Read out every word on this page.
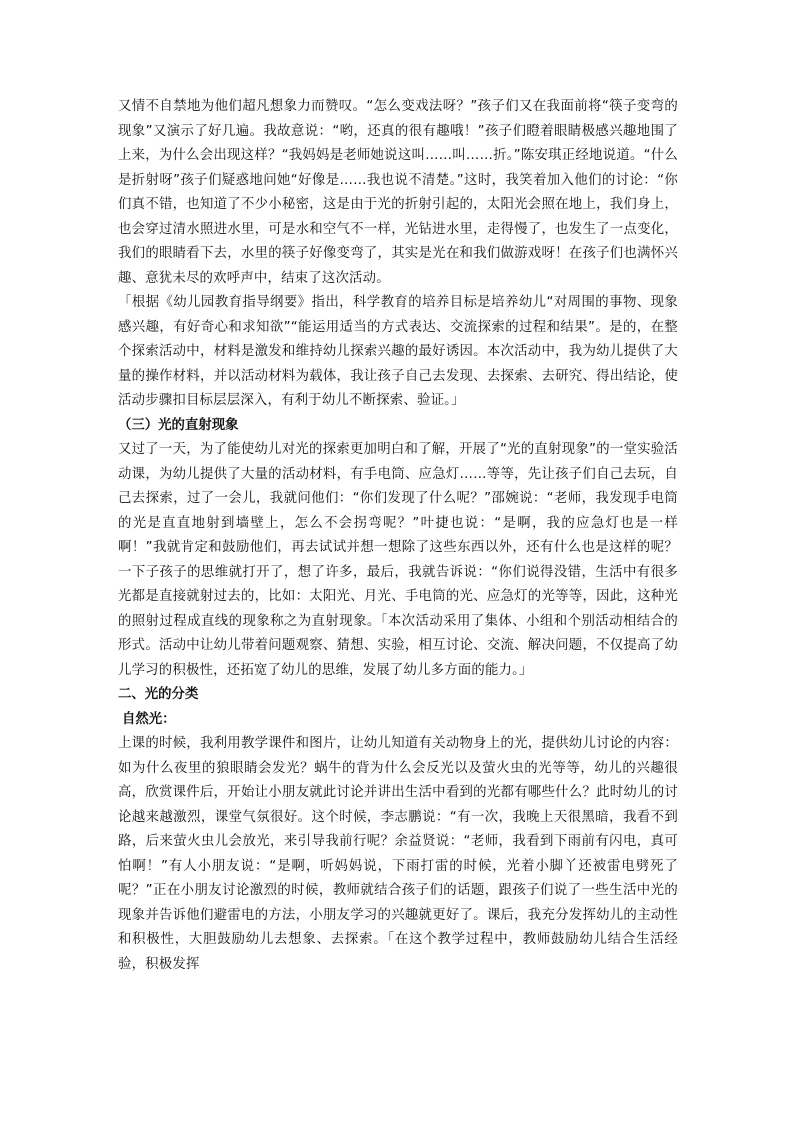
又情不自禁地为他们超凡想象力而赞叹。“怎么变戏法呀？”孩子们又在我面前将“筷子变弯的现象”又演示了好几遍。我故意说：“哟，还真的很有趣哦！”孩子们瞪着眼睛极感兴趣地围了上来，为什么会出现这样？“我妈妈是老师她说这叫……叫……折。”陈安琪正经地说道。“什么是折射呀”孩子们疑惑地问她“好像是……我也说不清楚。”这时，我笑着加入他们的讨论：“你们真不错，也知道了不少小秘密，这是由于光的折射引起的，太阳光会照在地上，我们身上，也会穿过清水照进水里，可是水和空气不一样，光钻进水里，走得慢了，也发生了一点变化，我们的眼睛看下去，水里的筷子好像变弯了，其实是光在和我们做游戏呀！在孩子们也满怀兴趣、意犹未尽的欢呼声中，结束了这次活动。

「根据《幼儿园教育指导纲要》指出，科学教育的培养目标是培养幼儿“对周围的事物、现象感兴趣，有好奇心和求知欲”“能运用适当的方式表达、交流探索的过程和结果”。是的，在整个探索活动中，材料是激发和维持幼儿探索兴趣的最好诱因。本次活动中，我为幼儿提供了大量的操作材料，并以活动材料为载体，我让孩子自己去发现、去探索、去研究、得出结论，使活动步骤扣目标层层深入，有利于幼儿不断探索、验证。」

（三）光的直射现象

又过了一天，为了能使幼儿对光的探索更加明白和了解，开展了“光的直射现象”的一堂实验活动课，为幼儿提供了大量的活动材料，有手电筒、应急灯……等等，先让孩子们自己去玩，自己去探索，过了一会儿，我就问他们：“你们发现了什么呢？”邵婉说：“老师，我发现手电筒的光是直直地射到墙壁上，怎么不会拐弯呢？”叶捷也说：“是啊，我的应急灯也是一样啊！”我就肯定和鼓励他们，再去试试并想一想除了这些东西以外，还有什么也是这样的呢？一下子孩子的思维就打开了，想了许多，最后，我就告诉说：“你们说得没错，生活中有很多光都是直接就射过去的，比如：太阳光、月光、手电筒的光、应急灯的光等等，因此，这种光的照射过程成直线的现象称之为直射现象。「本次活动采用了集体、小组和个别活动相结合的形式。活动中让幼儿带着问题观察、猜想、实验，相互讨论、交流、解决问题，不仅提高了幼儿学习的积极性，还拓宽了幼儿的思维，发展了幼儿多方面的能力。」

二、光的分类

自然光：

上课的时候，我利用教学课件和图片，让幼儿知道有关动物身上的光，提供幼儿讨论的内容：如为什么夜里的狼眼睛会发光？蜗牛的背为什么会反光以及萤火虫的光等等，幼儿的兴趣很高，欣赏课件后，开始让小朋友就此讨论并讲出生活中看到的光都有哪些什么？此时幼儿的讨论越来越激烈，课堂气氛很好。这个时候，李志鹏说：“有一次，我晚上天很黑暗，我看不到路，后来萤火虫儿会放光，来引导我前行呢？余益贤说：“老师，我看到下雨前有闪电，真可怕啊！”有人小朋友说：“是啊，听妈妈说，下雨打雷的时候，光着小脚丫还被雷电劈死了呢？”正在小朋友讨论激烈的时候，教师就结合孩子们的话题，跟孩子们说了一些生活中光的现象并告诉他们避雷电的方法，小朋友学习的兴趣就更好了。课后，我充分发挥幼儿的主动性和积极性，大胆鼓励幼儿去想象、去探索。「在这个教学过程中，教师鼓励幼儿结合生活经验，积极发挥
